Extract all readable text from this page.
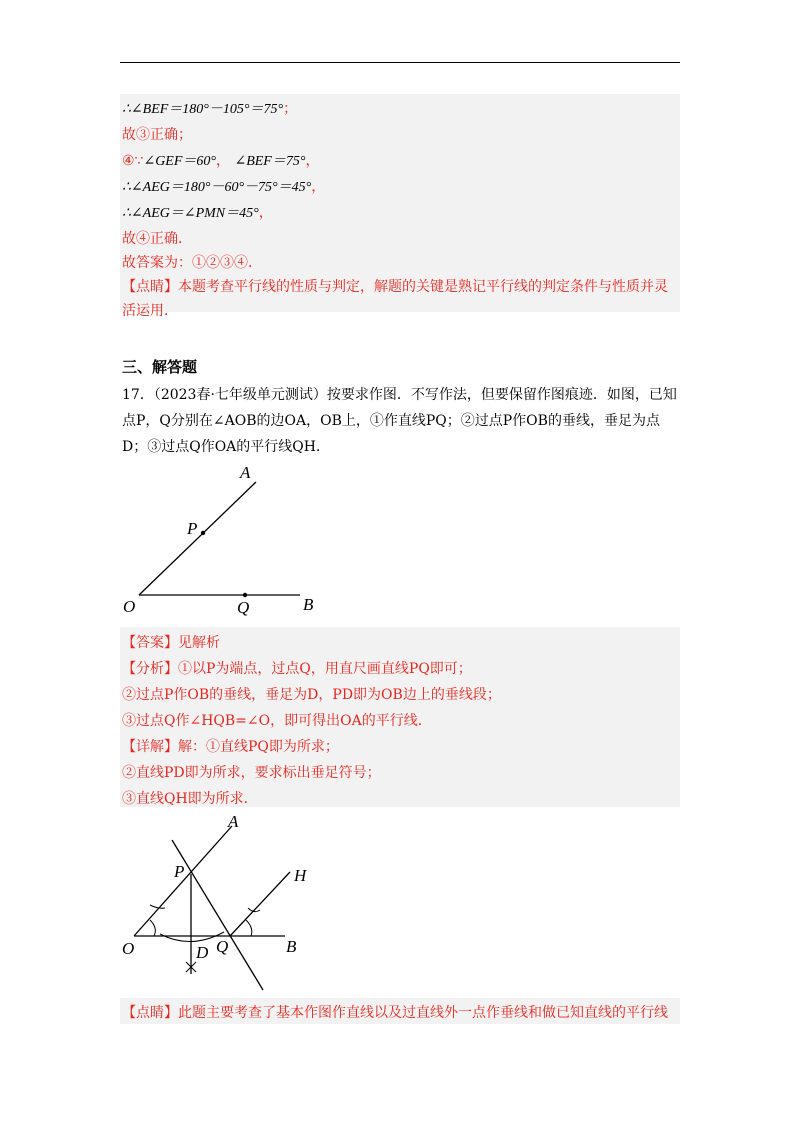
∴∠BEF＝180°－105°＝75°；
故③正确；
④∵∠GEF＝60°， ∠BEF＝75°，
∴∠AEG＝180°－60°－75°＝45°，
∴∠AEG＝∠PMN＝45°，
故④正确．
故答案为：①②③④．
【点睛】本题考查平行线的性质与判定，解题的关键是熟记平行线的判定条件与性质并灵
活运用．
三、解答题
17．（2023春·七年级单元测试）按要求作图．不写作法，但要保留作图痕迹．如图，已知
点P，Q分别在∠AOB的边OA，OB上，①作直线PQ；②过点P作OB的垂线，垂足为点
D；③过点Q作OA的平行线QH．
A
P
O	Q	B
【答案】见解析
【分析】①以P为端点，过点Q，用直尺画直线PQ即可；
②过点P作OB的垂线，垂足为D，PD即为OB边上的垂线段；
③过点Q作∠HQB=∠O，即可得出OA的平行线．
【详解】解：①直线PQ即为所求；
②直线PD即为所求，要求标出垂足符号；
③直线QH即为所求．
A
P	H
O	D Q	B
【点睛】此题主要考查了基本作图作直线以及过直线外一点作垂线和做已知直线的平行线
